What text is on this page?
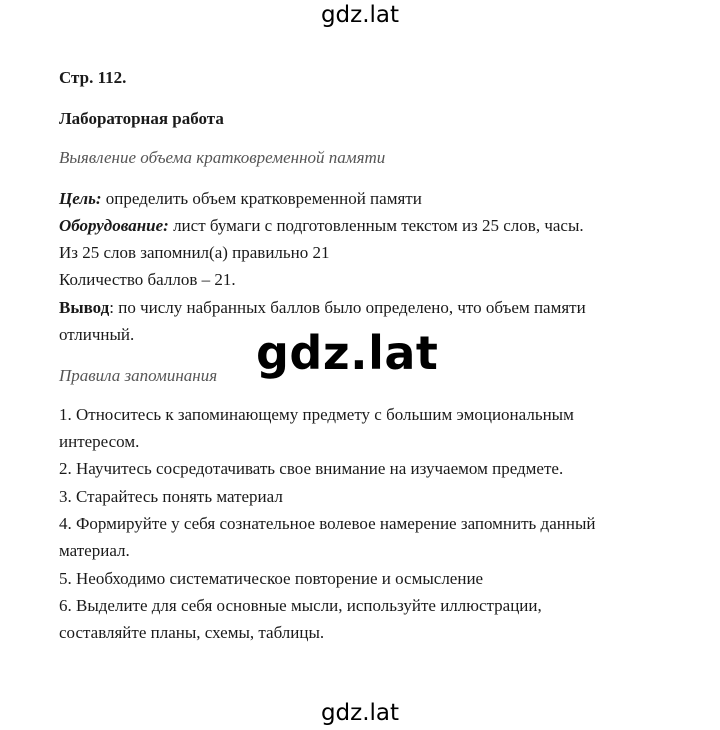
gdz.lat
Стр. 112.
Лабораторная работа
Выявление объема кратковременной памяти
Цель: определить объем кратковременной памяти
Оборудование: лист бумаги с подготовленным текстом из 25 слов, часы.
Из 25 слов запомнил(а) правильно 21
Количество баллов – 21.
Вывод: по числу набранных баллов было определено, что объем памяти
отличный.	gdz.lat
Правила запоминания
1. Относитесь к запоминающему предмету с большим эмоциональным
интересом.
2. Научитесь сосредотачивать свое внимание на изучаемом предмете.
3. Старайтесь понять материал
4. Формируйте у себя сознательное волевое намерение запомнить данный
материал.
5. Необходимо систематическое повторение и осмысление
6. Выделите для себя основные мысли, используйте иллюстрации,
составляйте планы, схемы, таблицы.
gdz.lat
